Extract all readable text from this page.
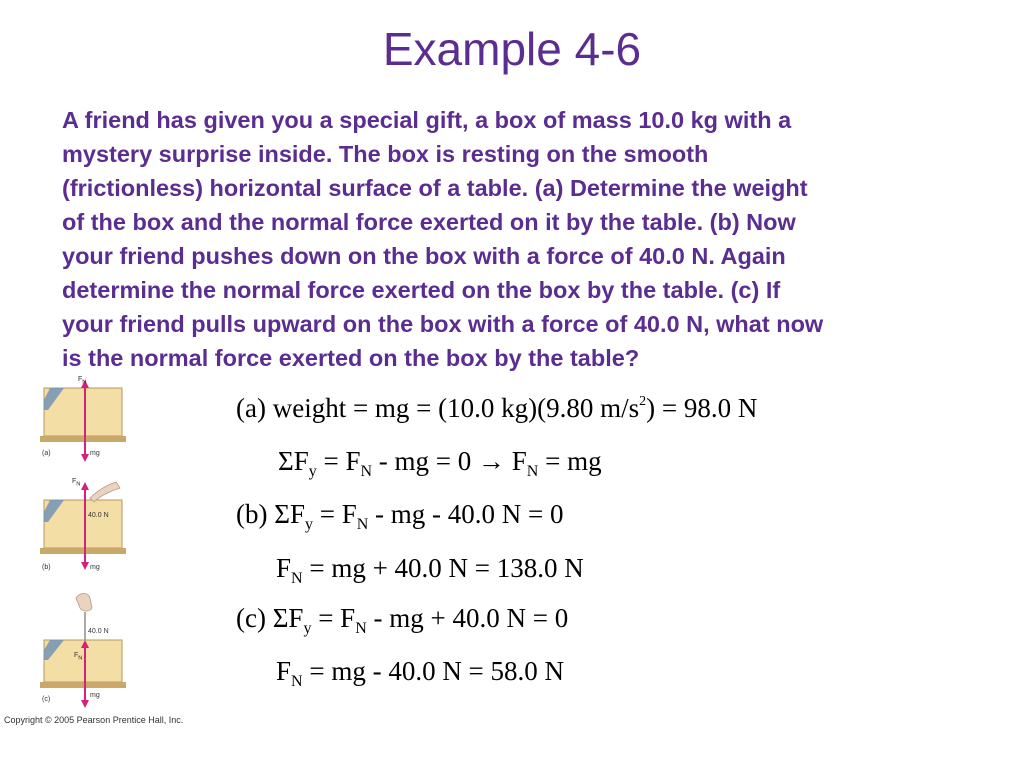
Example 4-6
A friend has given you a special gift, a box of mass 10.0 kg with a
mystery surprise inside. The box is resting on the smooth
(frictionless) horizontal surface of a table. (a) Determine the weight
of the box and the normal force exerted on it by the table. (b) Now
your friend pushes down on the box with a force of 40.0 N. Again
determine the normal force exerted on the box by the table. (c) If
your friend pulls upward on the box with a force of 40.0 N, what now
is the normal force exerted on the box by the table?
(a) weight = mg = (10.0 kg)(9.80 $m/s^2) = 98.0$ N
$\Sigma F_y = F_N$ - mg = $0 \to F_N$ = mg
(b) $\Sigma F_y = F_N$ - mg - 40.0 N = 0
$F_N$ = mg + 40.0 N = 138.0 N
(c) $\Sigma F_y = F_N$ - mg + 40.0 N = 0
$F_N$ = mg - 40.0 N = 58.0 N
$F_N$
mg
(a)
$F_N$
40.0 N
mg
(b)
40.0 N
$F_N$
mg
(c)
Copyright © 2005 Pearson Prentice Hall, Inc.
